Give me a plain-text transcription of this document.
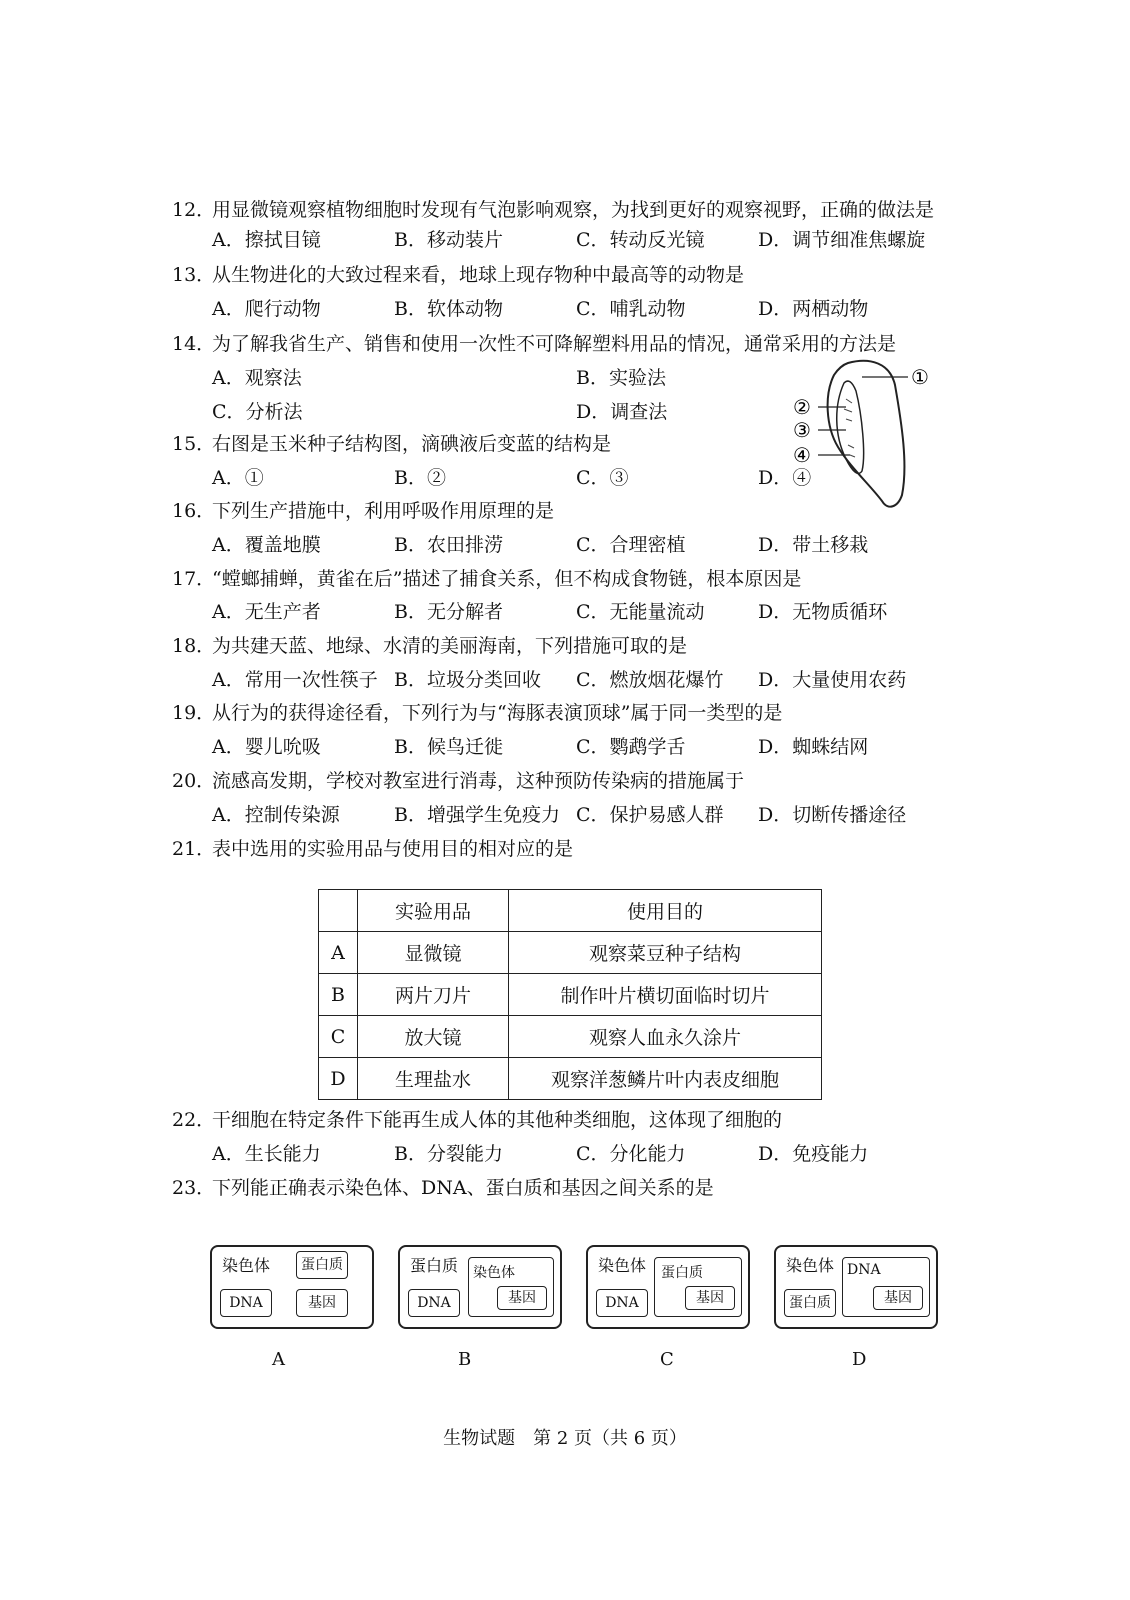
12．用显微镜观察植物细胞时发现有气泡影响观察，为找到更好的观察视野，正确的做法是
A．擦拭目镜	B．移动装片	C．转动反光镜	D．调节细准焦螺旋
13．从生物进化的大致过程来看，地球上现存物种中最高等的动物是
A．爬行动物	B．软体动物	C．哺乳动物	D．两栖动物
14．为了解我省生产、销售和使用一次性不可降解塑料用品的情况，通常采用的方法是
A．观察法	B．实验法
C．分析法	D．调查法
①
②
③
④
15．右图是玉米种子结构图，滴碘液后变蓝的结构是
A．①	B．②	C．③	D．④
16．下列生产措施中，利用呼吸作用原理的是
A．覆盖地膜	B．农田排涝	C．合理密植	D．带土移栽
17．“螳螂捕蝉，黄雀在后”描述了捕食关系，但不构成食物链，根本原因是
A．无生产者	B．无分解者	C．无能量流动	D．无物质循环
18．为共建天蓝、地绿、水清的美丽海南，下列措施可取的是
A．常用一次性筷子 B．垃圾分类回收 C．燃放烟花爆竹 D．大量使用农药
19．从行为的获得途径看，下列行为与“海豚表演顶球”属于同一类型的是
A．婴儿吮吸	B．候鸟迁徙	C．鹦鹉学舌	D．蜘蛛结网
20．流感高发期，学校对教室进行消毒，这种预防传染病的措施属于
A．控制传染源	B．增强学生免疫力 C．保护易感人群 D．切断传播途径
21．表中选用的实验用品与使用目的相对应的是
	实验用品	使用目的
A	显微镜	观察菜豆种子结构
B	两片刀片	制作叶片横切面临时切片
C	放大镜	观察人血永久涂片
D	生理盐水	观察洋葱鳞片叶内表皮细胞
22．干细胞在特定条件下能再生成人体的其他种类细胞，这体现了细胞的
A．生长能力	B．分裂能力	C．分化能力	D．免疫能力
23．下列能正确表示染色体、DNA、蛋白质和基因之间关系的是
染色体	蛋白质
DNA	基因
蛋白质 染色体
基因
DNA
染色体 蛋白质
基因
DNA
染色体 DNA
基因
蛋白质
A	B	C	D
生物试题　第 2 页（共 6 页）
